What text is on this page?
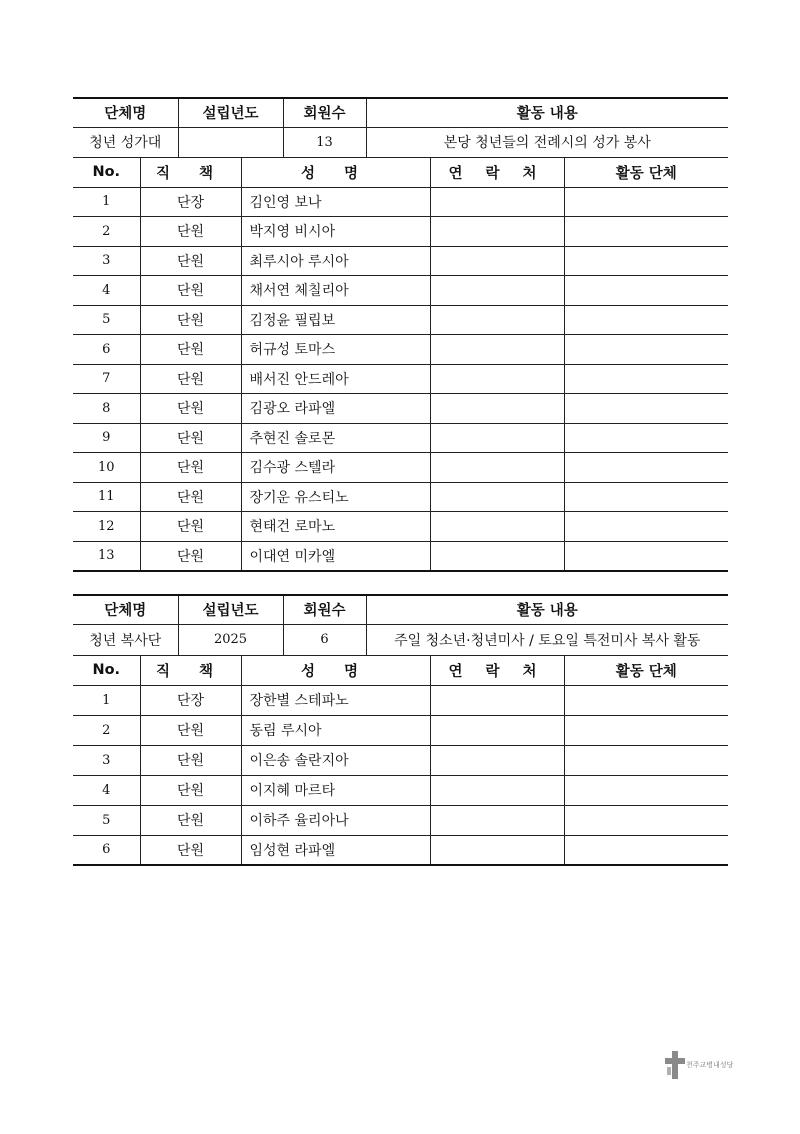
단체명		설립년도		회원수	활동 내용		
청년 성가대				13	본당 청년들의 전례시의 성가 봉사		
No.	직 책		성 명			연 락 처	활동 단체
1	단장		김인영 보나				
2	단원		박지영 비시아				
3	단원		최루시아 루시아				
4	단원		채서연 체칠리아				
5	단원		김정윤 필립보				
6	단원		허규성 토마스				
7	단원		배서진 안드레아				
8	단원		김광오 라파엘				
9	단원		추현진 솔로몬				
10	단원		김수광 스텔라				
11	단원		장기운 유스티노				
12	단원		현태건 로마노				
13	단원		이대연 미카엘				
단체명		설립년도		회원수	활동 내용		
청년 복사단		2025		6	주일 청소년·청년미사 / 토요일 특전미사 복사 활동		
No.	직 책		성 명			연 락 처	활동 단체
1	단장		장한별 스테파노				
2	단원		동림 루시아				
3	단원		이은송 솔란지아				
4	단원		이지혜 마르타				
5	단원		이하주 율리아나				
6	단원		임성현 라파엘				
천주교병내성당
